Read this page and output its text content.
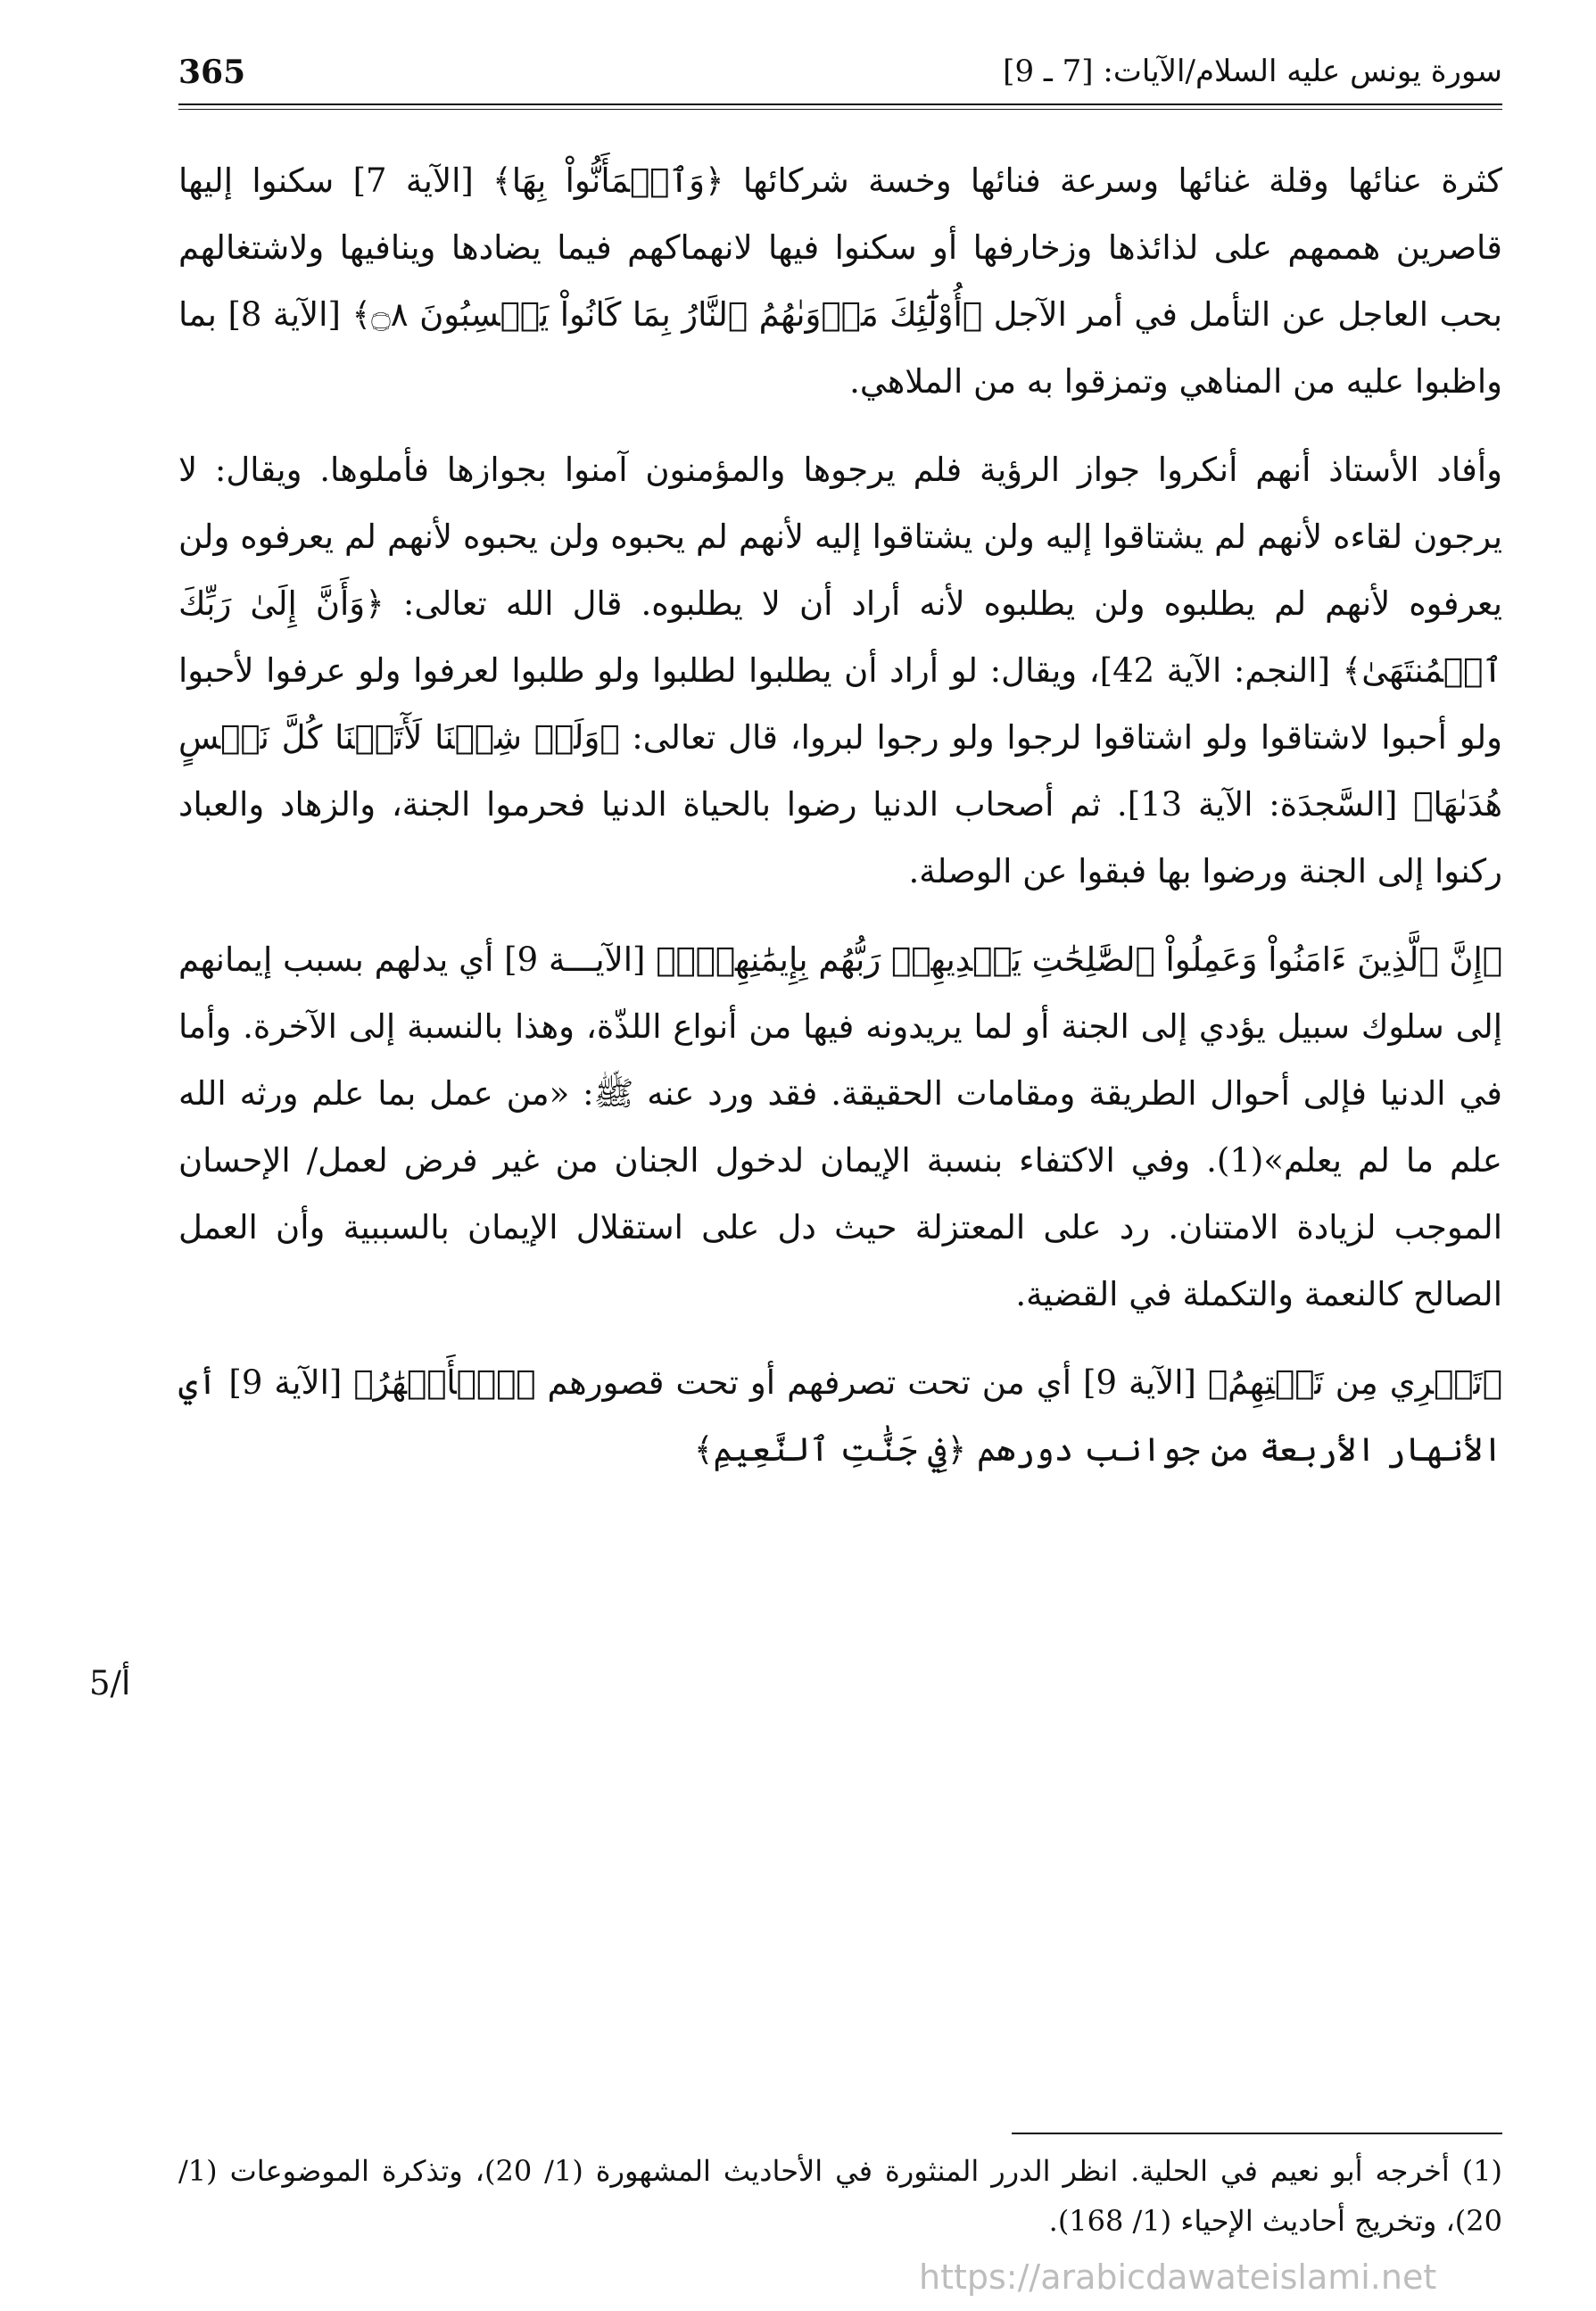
سورة يونس عليه السلام/الآيات: [7 ـ 9]
365

كثرة عنائها وقلة غنائها وسرعة فنائها وخسة شركائها ﴿وَٱطۡمَأَنُّواْ بِهَا﴾ [الآية 7] سكنوا إليها قاصرين هممهم على لذائذها وزخارفها أو سكنوا فيها لانهماكهم فيما يضادها وينافيها ولاشتغالهم بحب العاجل عن التأمل في أمر الآجل ﴿أُوْلَٰٓئِكَ مَأۡوَىٰهُمُ ٱلنَّارُ بِمَا كَانُواْ يَكۡسِبُونَ ۝٨﴾ [الآية 8] بما واظبوا عليه من المناهي وتمزقوا به من الملاهي.

وأفاد الأستاذ أنهم أنكروا جواز الرؤية فلم يرجوها والمؤمنون آمنوا بجوازها فأملوها. ويقال: لا يرجون لقاءه لأنهم لم يشتاقوا إليه ولن يشتاقوا إليه لأنهم لم يحبوه ولن يحبوه لأنهم لم يعرفوه ولن يعرفوه لأنهم لم يطلبوه ولن يطلبوه لأنه أراد أن لا يطلبوه. قال الله تعالى: ﴿وَأَنَّ إِلَىٰ رَبِّكَ ٱلۡمُنتَهَىٰ﴾ [النجم: الآية 42]، ويقال: لو أراد أن يطلبوا لطلبوا ولو طلبوا لعرفوا ولو عرفوا لأحبوا ولو أحبوا لاشتاقوا ولو اشتاقوا لرجوا ولو رجوا لبروا، قال تعالى: ﴿وَلَوۡ شِئۡنَا لَأٓتَيۡنَا كُلَّ نَفۡسٍ هُدَىٰهَا﴾ [السَّجدَة: الآية 13]. ثم أصحاب الدنيا رضوا بالحياة الدنيا فحرموا الجنة، والزهاد والعباد ركنوا إلى الجنة ورضوا بها فبقوا عن الوصلة.

﴿إِنَّ ٱلَّذِينَ ءَامَنُواْ وَعَمِلُواْ ٱلصَّٰلِحَٰتِ يَهۡدِيهِمۡ رَبُّهُم بِإِيمَٰنِهِمۡۖ﴾ [الآيـــة 9] أي يدلهم بسبب إيمانهم إلى سلوك سبيل يؤدي إلى الجنة أو لما يريدونه فيها من أنواع اللذّة، وهذا بالنسبة إلى الآخرة. وأما في الدنيا فإلى أحوال الطريقة ومقامات الحقيقة. فقد ورد عنه ﷺ: «من عمل بما علم ورثه الله علم ما لم يعلم»(1). وفي الاكتفاء بنسبة الإيمان لدخول الجنان من غير فرض لعمل/ الإحسان الموجب لزيادة الامتنان. رد على المعتزلة حيث دل على استقلال الإيمان بالسببية وأن العمل الصالح كالنعمة والتكملة في القضية.

﴿تَجۡرِي مِن تَحۡتِهِمُ﴾ [الآية 9] أي من تحت تصرفهم أو تحت قصورهم ﴿ٱلۡأَنۡهَٰرُ﴾ [الآية 9] أي الأنهار الأربعة من جوانب دورهم ﴿فِي جَنَّٰتِ ٱلنَّعِيمِ﴾

5/أ

(1) أخرجه أبو نعيم في الحلية. انظر الدرر المنثورة في الأحاديث المشهورة (1/ 20)، وتذكرة الموضوعات (1/ 20)، وتخريج أحاديث الإحياء (1/ 168).

https://arabicdawateislami.net
